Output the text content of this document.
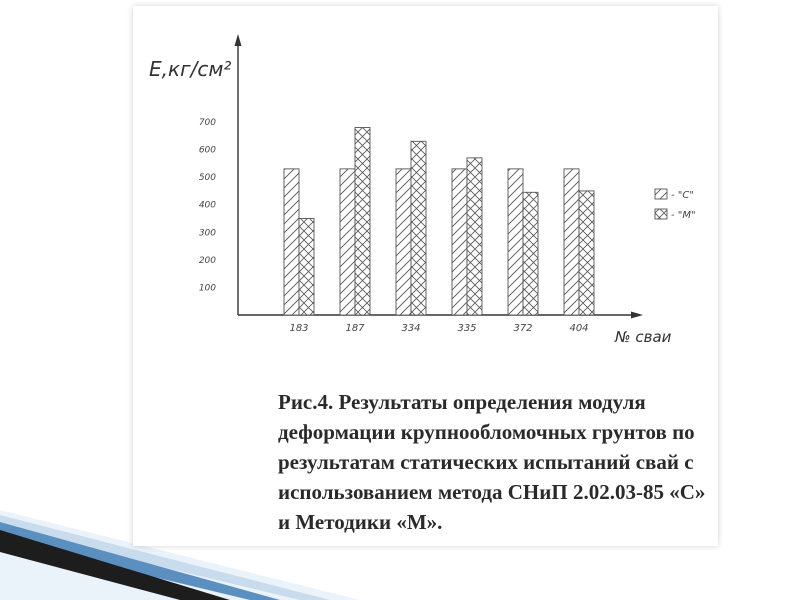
E,кг/см²
№ сваи
100
200
300
400
500
600
700
183	187	334	335	372	404
- "С"
- "М"
Рис.4. Результаты определения модуля
деформации крупнообломочных грунтов по
результатам статических испытаний свай с
использованием метода СНиП 2.02.03-85 «С»
и Методики «М».
